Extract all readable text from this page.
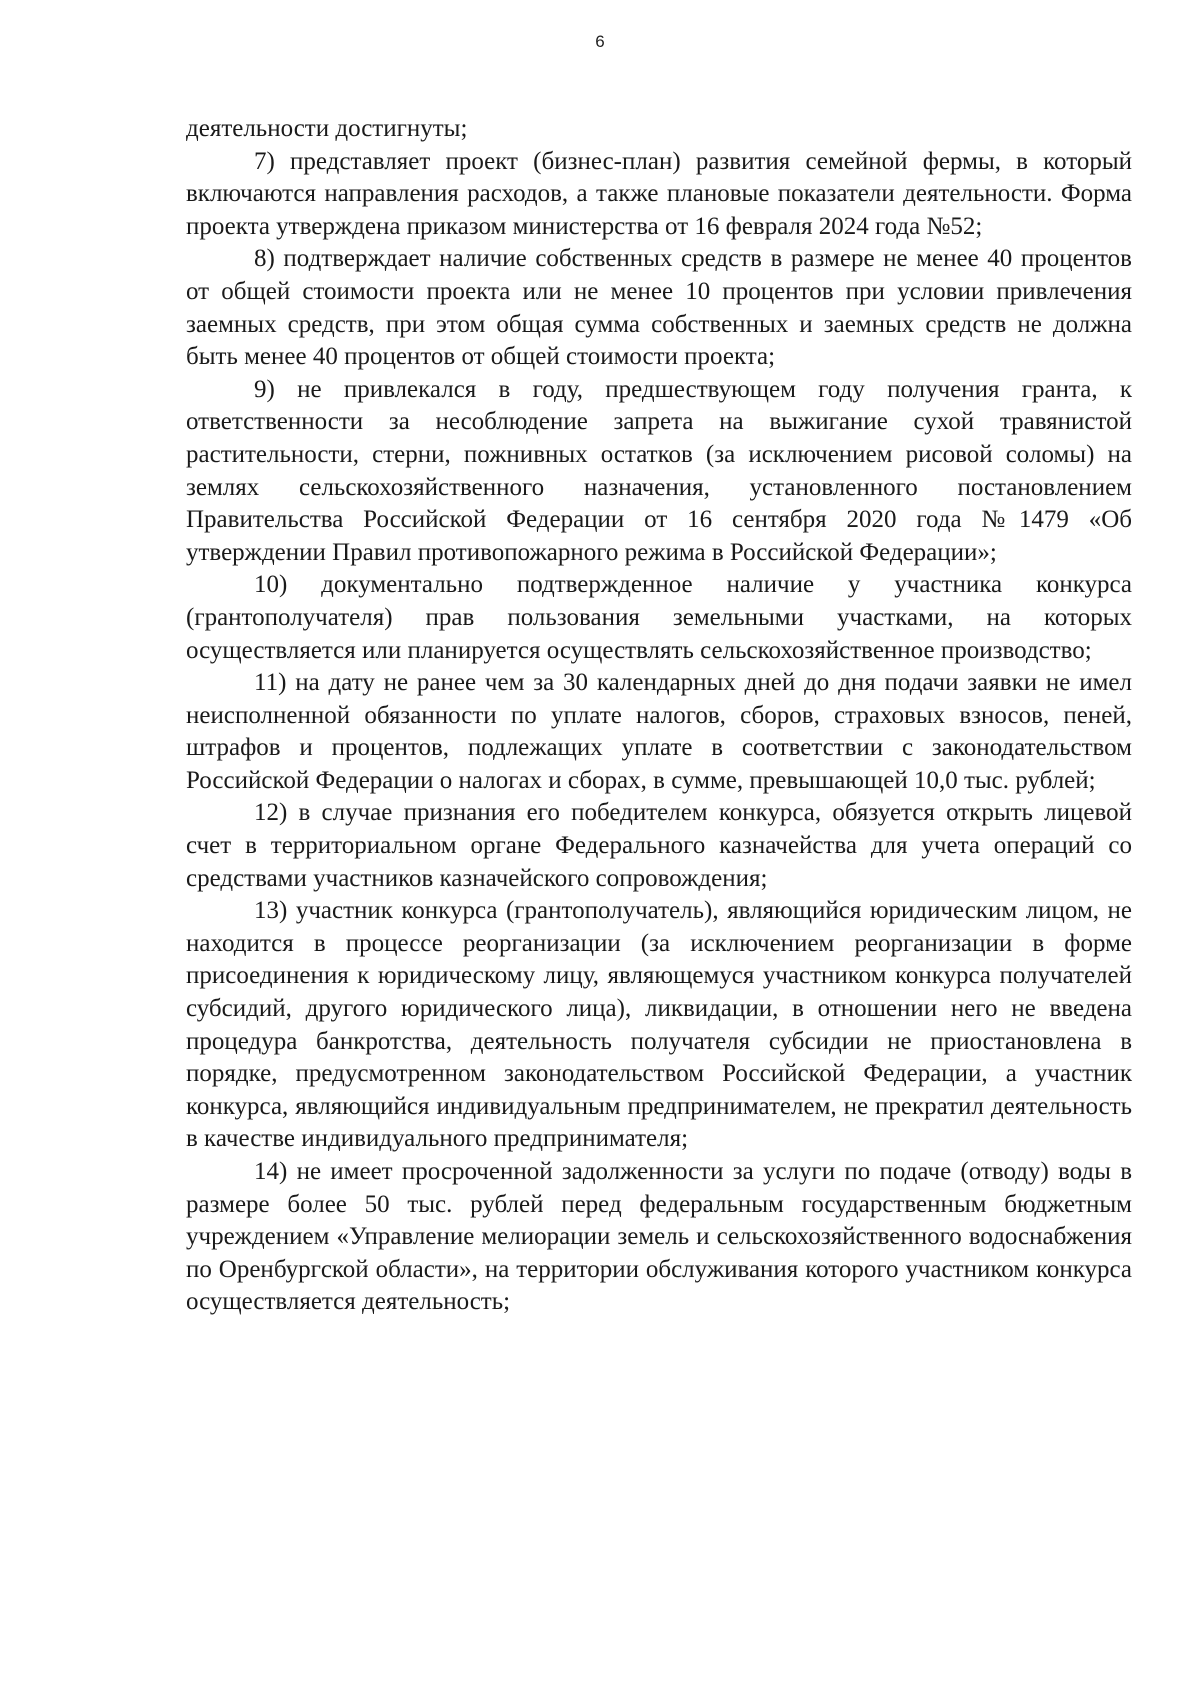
6

деятельности достигнуты;

7) представляет проект (бизнес-план) развития семейной фермы, в который включаются направления расходов, а также плановые показатели деятельности. Форма проекта утверждена приказом министерства от 16 февраля 2024 года №52;

8) подтверждает наличие собственных средств в размере не менее 40 процентов от общей стоимости проекта или не менее 10 процентов при условии привлечения заемных средств, при этом общая сумма собственных и заемных средств не должна быть менее 40 процентов от общей стоимости проекта;

9) не привлекался в году, предшествующем году получения гранта, к ответственности за несоблюдение запрета на выжигание сухой травянистой растительности, стерни, пожнивных остатков (за исключением рисовой соломы) на землях сельскохозяйственного назначения, установленного постановлением Правительства Российской Федерации от 16 сентября 2020 года №1479 «Об утверждении Правил противопожарного режима в Российской Федерации»;

10) документально подтвержденное наличие у участника конкурса (грантополучателя) прав пользования земельными участками, на которых осуществляется или планируется осуществлять сельскохозяйственное производство;

11) на дату не ранее чем за 30 календарных дней до дня подачи заявки не имел неисполненной обязанности по уплате налогов, сборов, страховых взносов, пеней, штрафов и процентов, подлежащих уплате в соответствии с законодательством Российской Федерации о налогах и сборах, в сумме, превышающей 10,0 тыс. рублей;

12) в случае признания его победителем конкурса, обязуется открыть лицевой счет в территориальном органе Федерального казначейства для учета операций со средствами участников казначейского сопровождения;

13) участник конкурса (грантополучатель), являющийся юридическим лицом, не находится в процессе реорганизации (за исключением реорганизации в форме присоединения к юридическому лицу, являющемуся участником конкурса получателей субсидий, другого юридического лица), ликвидации, в отношении него не введена процедура банкротства, деятельность получателя субсидии не приостановлена в порядке, предусмотренном законодательством Российской Федерации, а участник конкурса, являющийся индивидуальным предпринимателем, не прекратил деятельность в качестве индивидуального предпринимателя;

14) не имеет просроченной задолженности за услуги по подаче (отводу) воды в размере более 50 тыс. рублей перед федеральным государственным бюджетным учреждением «Управление мелиорации земель и сельскохозяйственного водоснабжения по Оренбургской области», на территории обслуживания которого участником конкурса осуществляется деятельность;
